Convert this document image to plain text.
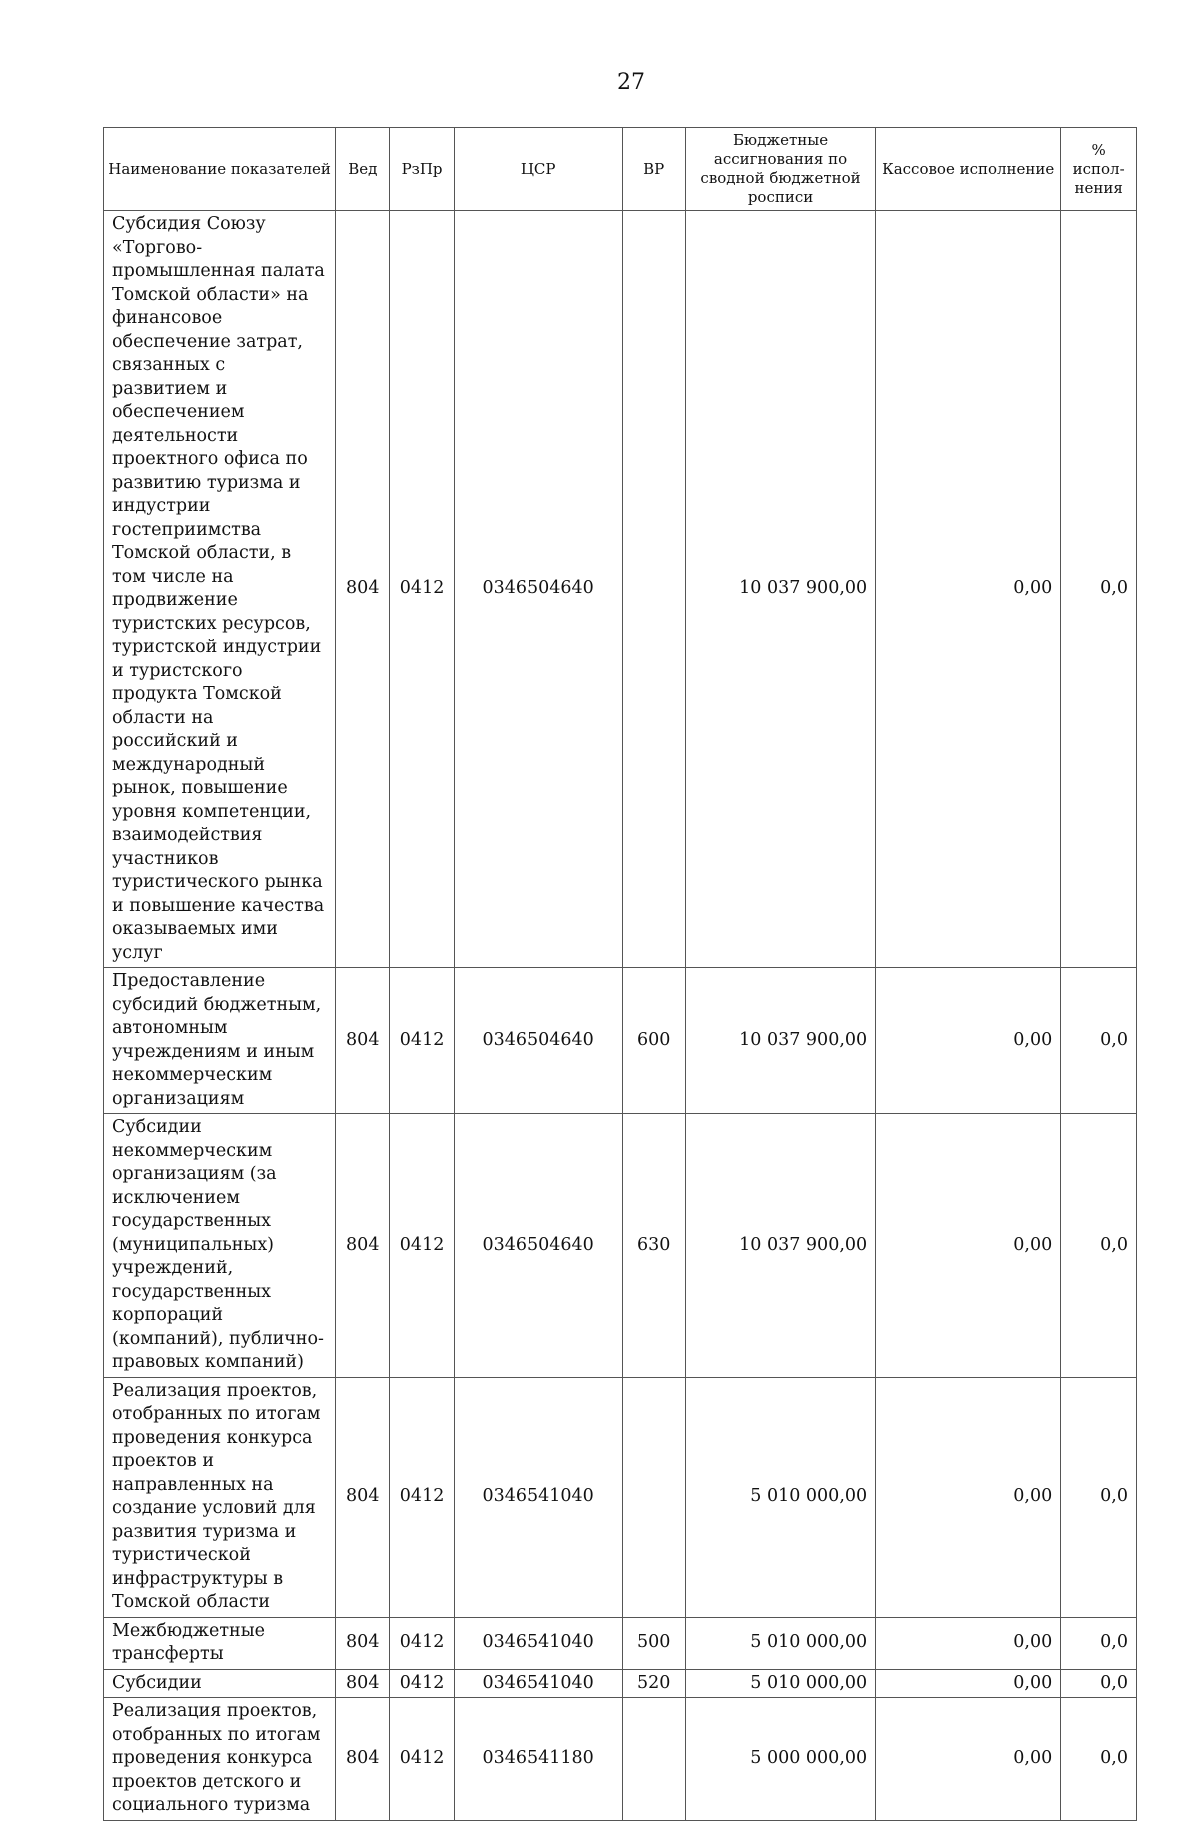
27
Наименование показателей	Вед	РзПр	ЦСР	ВР	Бюджетные ассигнования по сводной бюджетной росписи	Кассовое исполнение	% испол-нения
Субсидия Союзу «Торгово-промышленная палата Томской области» на финансовое обеспечение затрат, связанных с развитием и обеспечением деятельности проектного офиса по развитию туризма и индустрии гостеприимства Томской области, в том числе на продвижение туристских ресурсов, туристской индустрии и туристского продукта Томской области на российский и международный рынок, повышение уровня компетенции, взаимодействия участников туристического рынка и повышение качества оказываемых ими услуг	804	0412	0346504640		10 037 900,00	0,00	0,0
Предоставление субсидий бюджетным, автономным учреждениям и иным некоммерческим организациям	804	0412	0346504640	600	10 037 900,00	0,00	0,0
Субсидии некоммерческим организациям (за исключением государственных (муниципальных) учреждений, государственных корпораций (компаний), публично-правовых компаний)	804	0412	0346504640	630	10 037 900,00	0,00	0,0
Реализация проектов, отобранных по итогам проведения конкурса проектов и направленных на создание условий для развития туризма и туристической инфраструктуры в Томской области	804	0412	0346541040		5 010 000,00	0,00	0,0
Межбюджетные трансферты	804	0412	0346541040	500	5 010 000,00	0,00	0,0
Субсидии	804	0412	0346541040	520	5 010 000,00	0,00	0,0
Реализация проектов, отобранных по итогам проведения конкурса проектов детского и социального туризма	804	0412	0346541180		5 000 000,00	0,00	0,0
